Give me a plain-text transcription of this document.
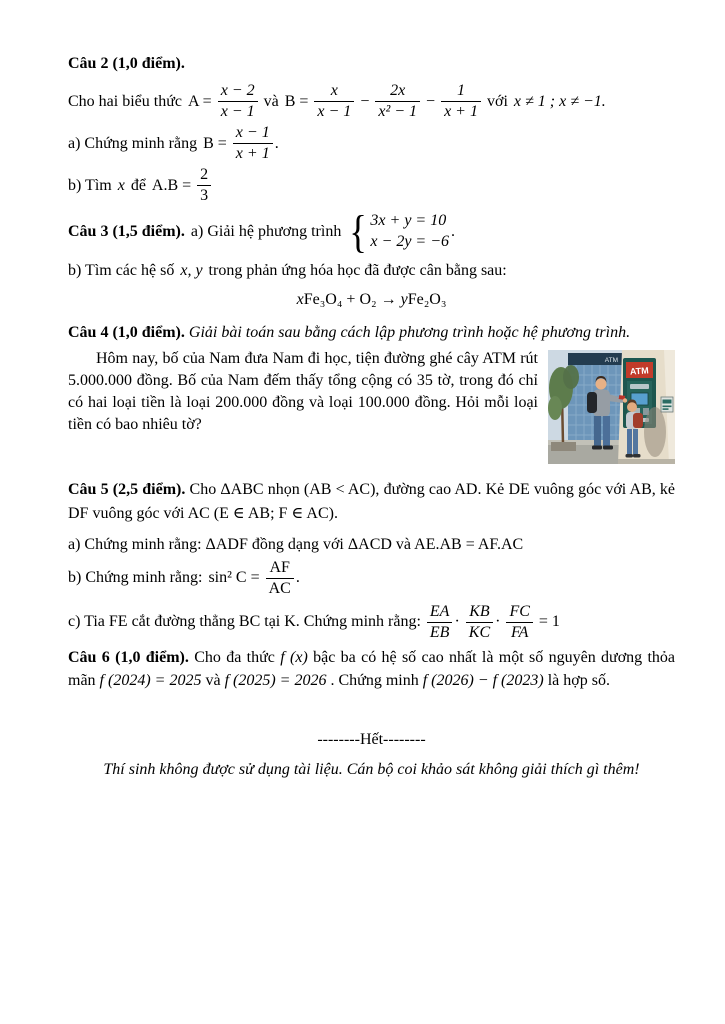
Câu 2 (1,0 điểm).

Cho hai biểu thức $A = \frac{x - 2}{x - 1}$ và $B = \frac{x}{x - 1} - \frac{2x}{\text{x² − 1}} - \frac{1}{x + 1}$ với x ≠ 1 ; x ≠ −1.
a) Chứng minh rằng $B = \frac{x - 1}{x + 1}$ .
b) Tìm x để $A.B = \frac{2}{3}$
Câu 3 (1,5 điểm). a) Giải hệ phương trình { 3x + y = 10
x − 2y = −6
.
b) Tìm các hệ số x, y trong phản ứng hóa học đã được cân bằng sau:

xFe₃O₄ + O₂ → yFe₂O₃

Câu 4 (1,0 điểm). Giải bài toán sau bằng cách lập phương trình hoặc hệ phương trình.

ATM
ATM

Hôm nay, bố của Nam đưa Nam đi học, tiện đường ghé cây ATM rút 5.000.000 đồng. Bố của Nam đếm thấy tổng cộng có 35 tờ, trong đó chỉ có hai loại tiền là loại 200.000 đồng và loại 100.000 đồng. Hỏi mỗi loại tiền có bao nhiêu tờ?

Câu 5 (2,5 điểm). Cho ΔABC nhọn (AB < AC), đường cao AD. Kẻ DE vuông góc với AB, kẻ DF vuông góc với AC (E ∈ AB; F ∈ AC).

a) Chứng minh rằng: ΔADF đồng dạng với ΔACD và AE.AB = AF.AC

b) Chứng minh rằng: sin² $C = \frac{AF}{AC}$ .
c) Tia FE cắt đường thẳng BC tại K. Chứng minh rằng: $\frac{EA}{EB} \cdot \frac{KB}{KC} \cdot \frac{FC}{FA} = 1$

Câu 6 (1,0 điểm). Cho đa thức f (x) bậc ba có hệ số cao nhất là một số nguyên dương thỏa mãn f (2024) = 2025 và f (2025) = 2026 . Chứng minh f (2026) − f (2023) là hợp số.

--------Hết--------

Thí sinh không được sử dụng tài liệu. Cán bộ coi khảo sát không giải thích gì thêm!
